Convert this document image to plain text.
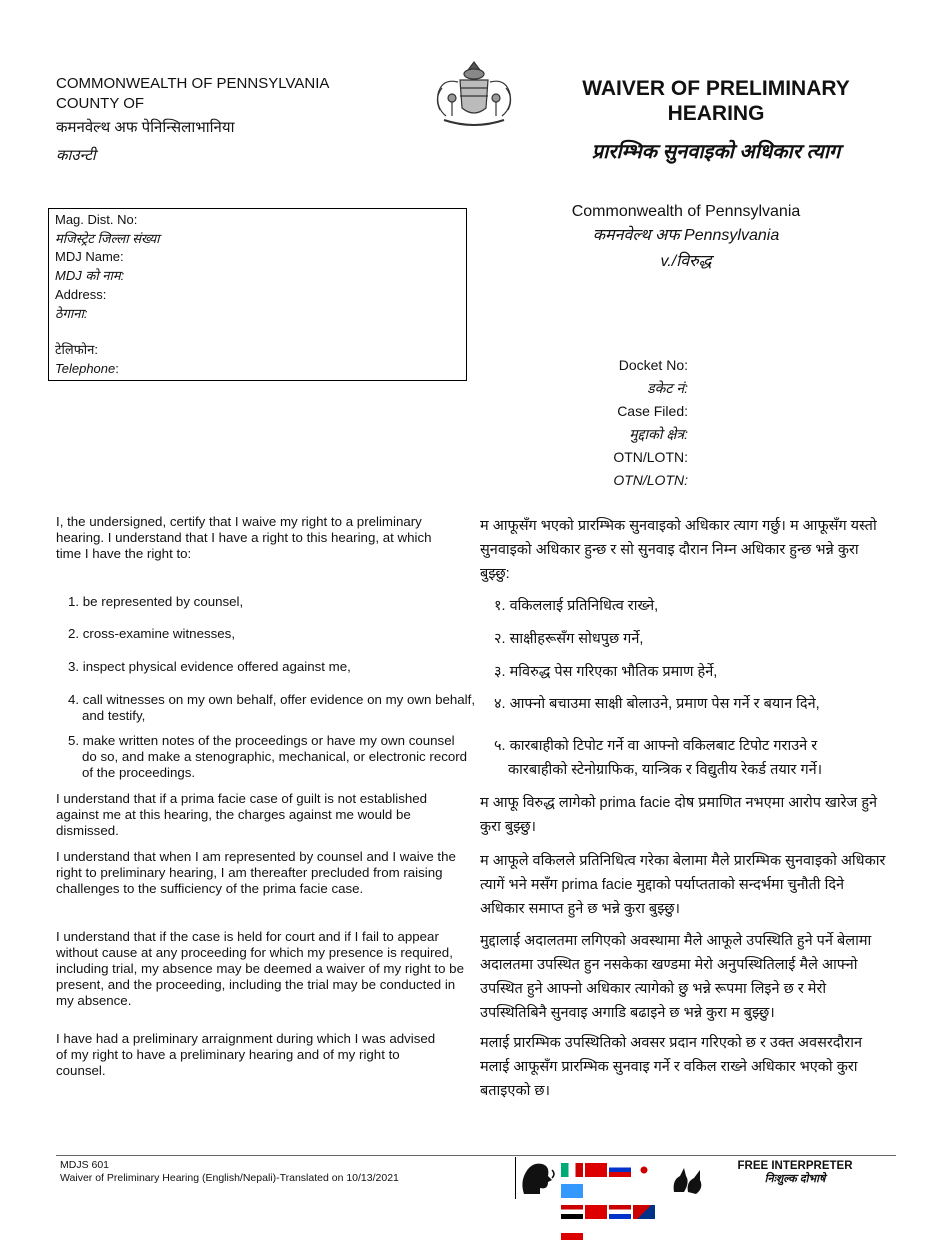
COMMONWEALTH OF PENNSYLVANIA
COUNTY OF
कमनवेल्थ अफ पेनिन्सिलाभानिया
काउन्टी
WAIVER OF PRELIMINARY
HEARING
प्रारम्भिक सुनवाइको अधिकार त्याग
Mag. Dist. No:
मजिस्ट्रेट जिल्ला संख्या
MDJ Name:
MDJ को नाम:
Address:
ठेगाना:
टेलिफोन:
Telephone:
Commonwealth of Pennsylvania
कमनवेल्थ अफ Pennsylvania
v./विरुद्ध
Docket No:
डकेट नं:
Case Filed:
मुद्दाको क्षेत्र:
OTN/LOTN:
OTN/LOTN:

I, the undersigned, certify that I waive my right to a preliminary hearing. I understand that I have a right to this hearing, at which time I have the right to:

1. be represented by counsel,
2. cross-examine witnesses,
3. inspect physical evidence offered against me,
4. call witnesses on my own behalf, offer evidence on my own behalf, and testify,
5. make written notes of the proceedings or have my own counsel do so, and make a stenographic, mechanical, or electronic record of the proceedings.

I understand that if a prima facie case of guilt is not established against me at this hearing, the charges against me would be dismissed.

I understand that when I am represented by counsel and I waive the right to preliminary hearing, I am thereafter precluded from raising challenges to the sufficiency of the prima facie case.

I understand that if the case is held for court and if I fail to appear without cause at any proceeding for which my presence is required, including trial, my absence may be deemed a waiver of my right to be present, and the proceeding, including the trial may be conducted in my absence.

I have had a preliminary arraignment during which I was advised of my right to have a preliminary hearing and of my right to counsel.

म आफूसँग भएको प्रारम्भिक सुनवाइको अधिकार त्याग गर्छु। म आफूसँग यस्तो सुनवाइको अधिकार हुन्छ र सो सुनवाइ दौरान निम्न अधिकार हुन्छ भन्ने कुरा बुझ्छु:

१. वकिललाई प्रतिनिधित्व राख्ने,

२. साक्षीहरूसँग सोधपुछ गर्ने,

३. मविरुद्ध पेस गरिएका भौतिक प्रमाण हेर्ने,

४. आफ्नो बचाउमा साक्षी बोलाउने, प्रमाण पेस गर्ने र बयान दिने,

५. कारबाहीको टिपोट गर्ने वा आफ्नो वकिलबाट टिपोट गराउने र कारबाहीको स्टेनोग्राफिक, यान्त्रिक र विद्युतीय रेकर्ड तयार गर्ने।

म आफू विरुद्ध लागेको prima facie दोष प्रमाणित नभएमा आरोप खारेज हुने कुरा बुझ्छु।

म आफूले वकिलले प्रतिनिधित्व गरेका बेलामा मैले प्रारम्भिक सुनवाइको अधिकार त्यागें भने मसँग prima facie मुद्दाको पर्याप्तताको सन्दर्भमा चुनौती दिने अधिकार समाप्त हुने छ भन्ने कुरा बुझ्छु।

मुद्दालाई अदालतमा लगिएको अवस्थामा मैले आफूले उपस्थिति हुने पर्ने बेलामा अदालतमा उपस्थित हुन नसकेका खण्डमा मेरो अनुपस्थितिलाई मैले आफ्नो उपस्थित हुने आफ्नो अधिकार त्यागेको छु भन्ने रूपमा लिइने छ र मेरो उपस्थितिबिनै सुनवाइ अगाडि बढाइने छ भन्ने कुरा म बुझ्छु।

मलाई प्रारम्भिक उपस्थितिको अवसर प्रदान गरिएको छ र उक्त अवसरदौरान मलाई आफूसँग प्रारम्भिक सुनवाइ गर्ने र वकिल राख्ने अधिकार भएको कुरा बताइएको छ।

MDJS 601
Waiver of Preliminary Hearing (English/Nepali)-Translated on 10/13/2021

FREE INTERPRETER
निःशुल्क दोभाषे
